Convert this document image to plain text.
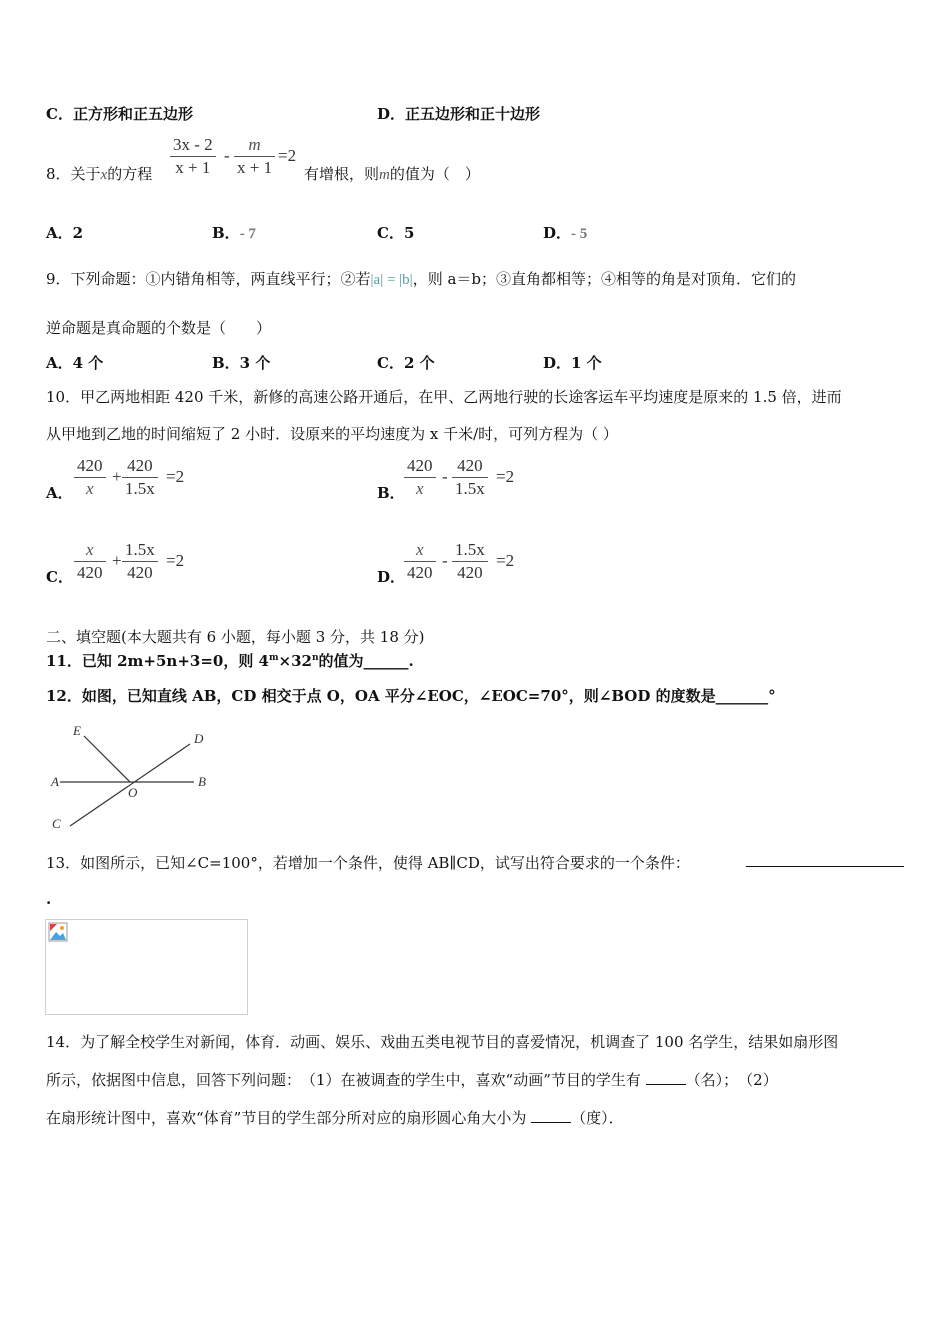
C．正方形和正五边形	D．正五边形和正十边形
8．关于x的方程 $\frac{3x - 2}{x + 1} - \frac{m}{x + 1} =2$
有增根，则m的值为（　）
A．2	B．- 7	C．5	D．- 5
9．下列命题：①内错角相等，两直线平行；②若|a| = |b|，则 a＝b；③直角都相等；④相等的角是对顶角．它们的
逆命题是真命题的个数是（　　）
A．4 个	B．3 个	C．2 个	D．1 个
10．甲乙两地相距 420 千米，新修的高速公路开通后，在甲、乙两地行驶的长途客运车平均速度是原来的 1.5 倍，进而
从甲地到乙地的时间缩短了 2 小时．设原来的平均速度为 x 千米/时，可列方程为（ ）
A． $\frac{420}{x} + \frac{420}{1.5x} =2$
B． $\frac{420}{x} - \frac{420}{1.5x} =2$
C． $\frac{x}{420} + \frac{1.5x}{420} =2$
D．
$\frac{x}{420} - \frac{1.5x}{420} =2$
二、填空题(本大题共有 6 小题，每小题 3 分，共 18 分)
11．已知 2m+5n+3=0，则 $4^m\times 32^n$的值为______.
12．如图，已知直线 AB，CD 相交于点 O，OA 平分∠EOC，∠EOC=70°，则∠BOD 的度数是_______°
E
D
A
O
B
C
13．如图所示，已知∠C=100°，若增加一个条件，使得 AB∥CD，试写出符合要求的一个条件：
.
14．为了解全校学生对新闻，体育．动画、娱乐、戏曲五类电视节目的喜爱情况，机调查了 100 名学生，结果如扇形图
所示，依据图中信息，回答下列问题：　（1）在被调查的学生中，喜欢“动画”节目的学生有	（名）；　（2）
在扇形统计图中，喜欢“体育”节目的学生部分所对应的扇形圆心角大小为	（度）．
